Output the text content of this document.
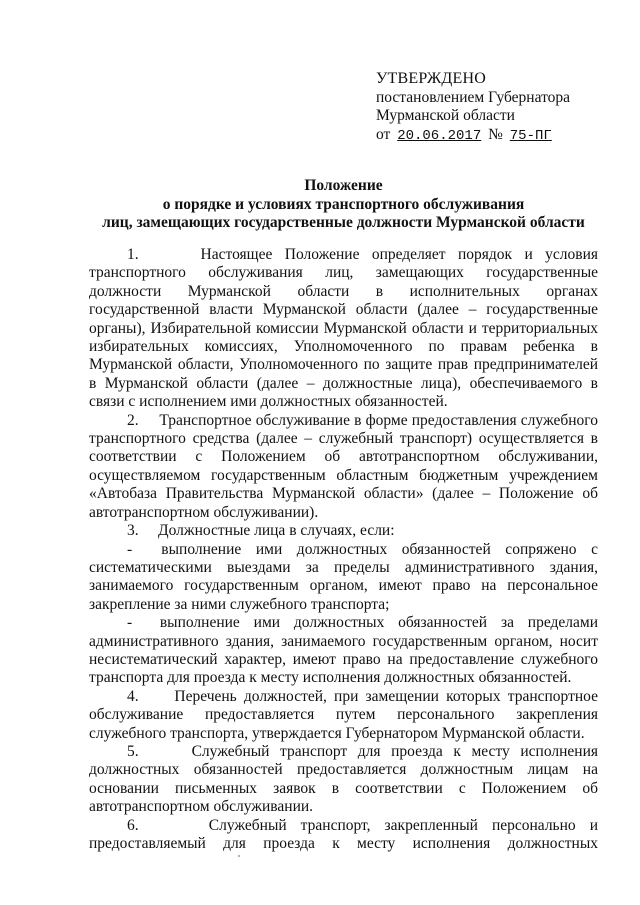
УТВЕРЖДЕНО
постановлением Губернатора
Мурманской области
от 20.06.2017 № 75-ПГ
Положение
о порядке и условиях транспортного обслуживания
лиц, замещающих государственные должности Мурманской области

1.     Настоящее Положение определяет порядок и условия транспортного обслуживания лиц, замещающих государственные должности Мурманской области в исполнительных органах государственной власти Мурманской области (далее – государственные органы), Избирательной комиссии Мурманской области и территориальных избирательных комиссиях, Уполномоченного по правам ребенка в Мурманской области, Уполномоченного по защите прав предпринимателей в Мурманской области (далее – должностные лица), обеспечиваемого в связи с исполнением ими должностных обязанностей.

2.     Транспортное обслуживание в форме предоставления служебного транспортного средства (далее – служебный транспорт) осуществляется в соответствии с Положением об автотранспортном обслуживании, осуществляемом государственным областным бюджетным учреждением «Автобаза Правительства Мурманской области» (далее – Положение об автотранспортном обслуживании).

3.     Должностные лица в случаях, если:

-  выполнение ими должностных обязанностей сопряжено с систематическими выездами за пределы административного здания, занимаемого государственным органом, имеют право на персональное закрепление за ними служебного транспорта;

-  выполнение ими должностных обязанностей за пределами административного здания, занимаемого государственным органом, носит несистематический характер, имеют право на предоставление служебного транспорта для проезда к месту исполнения должностных обязанностей.

4.     Перечень должностей, при замещении которых транспортное обслуживание предоставляется путем персонального закрепления служебного транспорта, утверждается Губернатором Мурманской области.

5.     Служебный транспорт для проезда к месту исполнения должностных обязанностей предоставляется должностным лицам на основании письменных заявок в соответствии с Положением об автотранспортном обслуживании.

6.     Служебный транспорт, закрепленный персонально и предоставляемый для проезда к месту исполнения должностных
